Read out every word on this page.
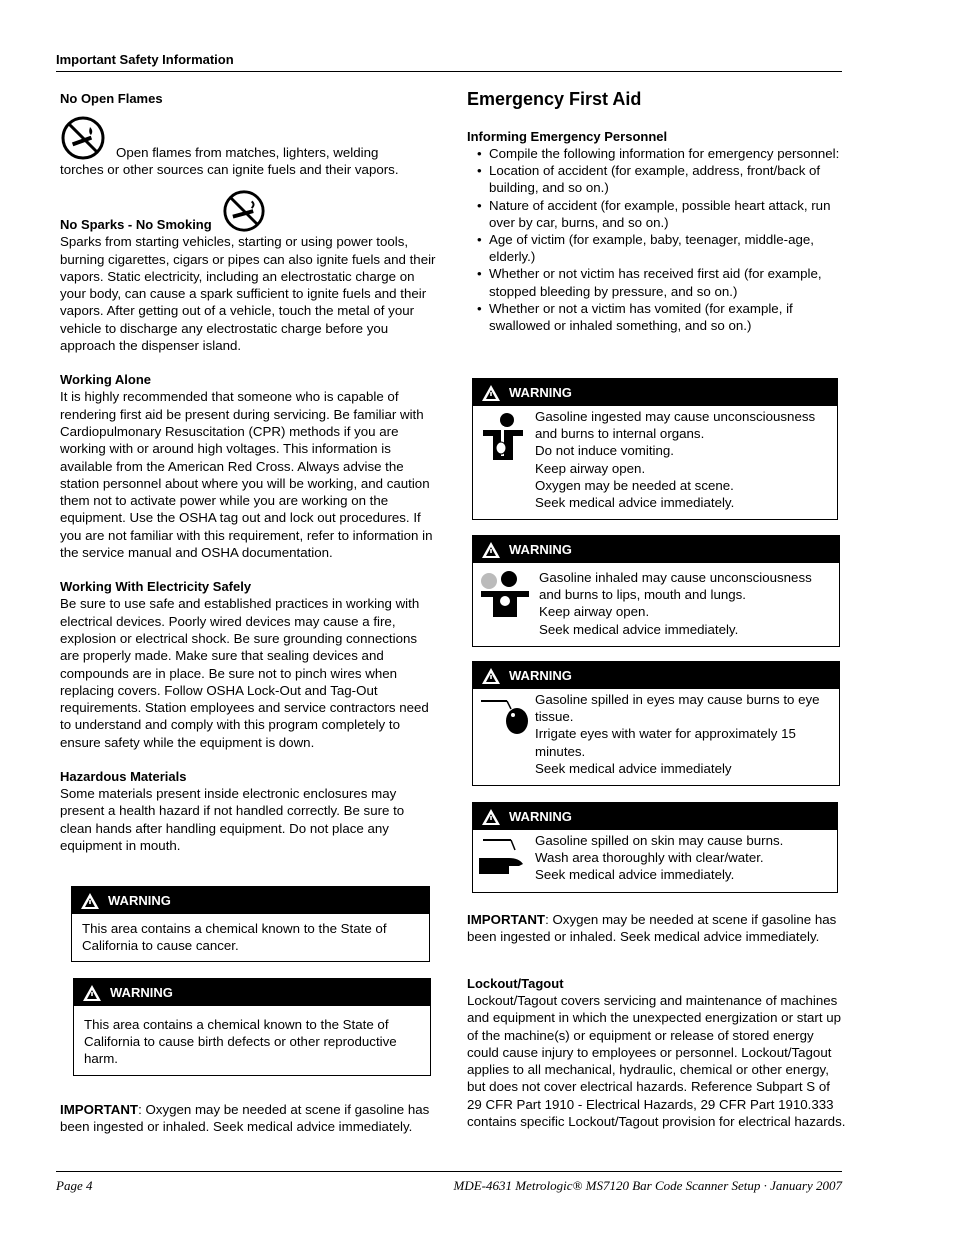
Important Safety Information
No Open Flames
Open flames from matches, lighters, welding

torches or other sources can ignite fuels and their vapors.

No Sparks - No Smoking

Sparks from starting vehicles, starting or using power tools, burning cigarettes, cigars or pipes can also ignite fuels and their vapors. Static electricity, including an electrostatic charge on your body, can cause a spark sufficient to ignite fuels and their vapors. After getting out of a vehicle, touch the metal of your vehicle to discharge any electrostatic charge before you approach the dispenser island.

Working Alone

It is highly recommended that someone who is capable of rendering first aid be present during servicing. Be familiar with Cardiopulmonary Resuscitation (CPR) methods if you are working with or around high voltages. This information is available from the American Red Cross. Always advise the station personnel about where you will be working, and caution them not to activate power while you are working on the equipment. Use the OSHA tag out and lock out procedures. If you are not familiar with this requirement, refer to information in the service manual and OSHA documentation.

Working With Electricity Safely

Be sure to use safe and established practices in working with electrical devices. Poorly wired devices may cause a fire, explosion or electrical shock. Be sure grounding connections are properly made. Make sure that sealing devices and compounds are in place. Be sure not to pinch wires when replacing covers. Follow OSHA Lock-Out and Tag-Out requirements. Station employees and service contractors need to understand and comply with this program completely to ensure safety while the equipment is down.

Hazardous Materials

Some materials present inside electronic enclosures may present a health hazard if not handled correctly. Be sure to clean hands after handling equipment. Do not place any equipment in mouth.

WARNING
This area contains a chemical known to the State of California to cause cancer.
WARNING
This area contains a chemical known to the State of California to cause birth defects or other reproductive harm.
IMPORTANT: Oxygen may be needed at scene if gasoline has been ingested or inhaled. Seek medical advice immediately.
Emergency First Aid
Informing Emergency Personnel
• Compile the following information for emergency personnel:
• Location of accident (for example, address, front/back of building, and so on.)
• Nature of accident (for example, possible heart attack, run over by car, burns, and so on.)
• Age of victim (for example, baby, teenager, middle-age, elderly.)
• Whether or not victim has received first aid (for example, stopped bleeding by pressure, and so on.)
• Whether or not a victim has vomited (for example, if swallowed or inhaled something, and so on.)
WARNING
Gasoline ingested may cause unconsciousness and burns to internal organs.
Do not induce vomiting.
Keep airway open.
Oxygen may be needed at scene.
Seek medical advice immediately.
WARNING
Gasoline inhaled may cause unconsciousness and burns to lips, mouth and lungs.
Keep airway open.
Seek medical advice immediately.
WARNING
Gasoline spilled in eyes may cause burns to eye tissue.
Irrigate eyes with water for approximately 15 minutes.
Seek medical advice immediately
WARNING
Gasoline spilled on skin may cause burns.
Wash area thoroughly with clear/water.
Seek medical advice immediately.
IMPORTANT: Oxygen may be needed at scene if gasoline has been ingested or inhaled. Seek medical advice immediately.
Lockout/Tagout

Lockout/Tagout covers servicing and maintenance of machines and equipment in which the unexpected energization or start up of the machine(s) or equipment or release of stored energy could cause injury to employees or personnel. Lockout/Tagout applies to all mechanical, hydraulic, chemical or other energy, but does not cover electrical hazards. Reference Subpart S of 29 CFR Part 1910 - Electrical Hazards, 29 CFR Part 1910.333 contains specific Lockout/Tagout provision for electrical hazards.

Page 4	MDE-4631 Metrologic® MS7120 Bar Code Scanner Setup · January 2007
